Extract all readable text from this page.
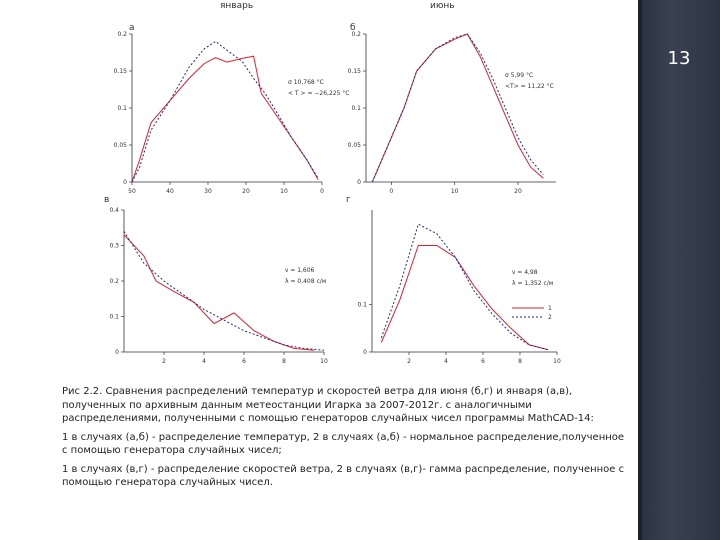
а
январь
0.2
0.15
0.1
0.05
0
50	40	30	20	10	0
σ 10,768 °C
< T > = −26,225 °C
б
июнь
0.2
0.15
0.1
0.05
0
0	10	20
σ 5,99 °C
<T> = 11,22 °C
в
0.4
0.3
0.2
0.1
0
2	4	6	8	10
ν = 1,606
λ = 0,408 c/м
г
0.1
0
2	4	6	8	10
ν = 4,98
λ = 1,352 c/м
1
2

Рис 2.2. Сравнения распределений температур и скоростей ветра для июня (б,г) и января (а,в), полученных по архивным данным метеостанции Игарка за 2007-2012г. с аналогичными распределениями, полученными с помощью генераторов случайных чисел программы MathCAD-14:

1 в случаях (а,б) - распределение температур, 2 в случаях (а,б) - нормальное распределение,полученное с помощью генератора случайных чисел;

1 в случаях (в,г) - распределение скоростей ветра, 2 в случаях (в,г)- гамма распределение, полученное с помощью генератора случайных чисел.

13
